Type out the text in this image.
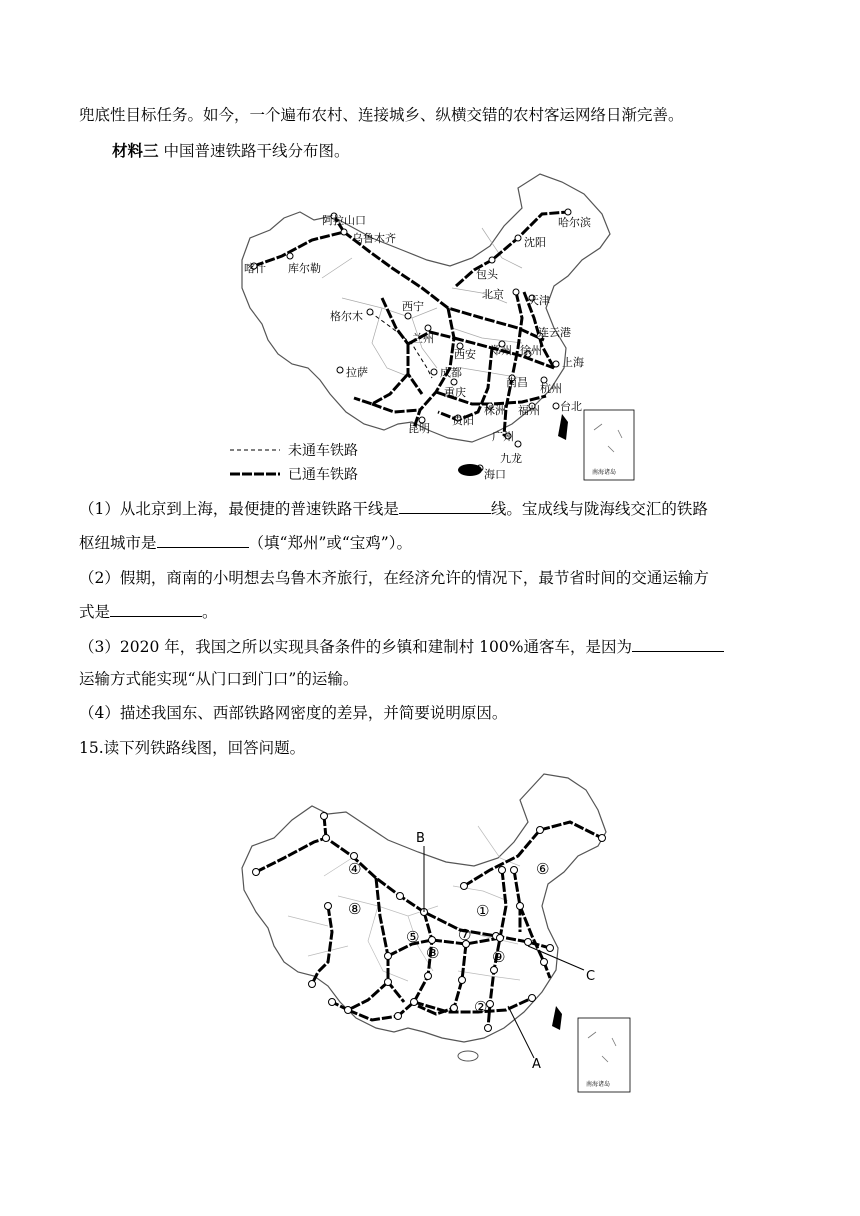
兜底性目标任务。如今，一个遍布农村、连接城乡、纵横交错的农村客运网络日渐完善。
材料三 中国普速铁路干线分布图。
阿拉山口
乌鲁木齐
哈尔滨
喀什 库尔勒	包头
沈阳
北京 天津
格尔木
西宁
兰州
郑州
连云港
西安	徐州
上海
拉萨	成都
南昌 杭州
重庆
株洲 福州 台北
昆明
贵阳
广州
九龙
海口	南海诸岛
未通车铁路
已通车铁路
（1）从北京到上海，最便捷的普速铁路干线是	线。宝成线与陇海线交汇的铁路
枢纽城市是	（填“郑州”或“宝鸡”）。
（2）假期，商南的小明想去乌鲁木齐旅行，在经济允许的情况下，最节省时间的交通运输方
式是	。
（3）2020 年，我国之所以实现具备条件的乡镇和建制村 100%通客车，是因为
运输方式能实现“从门口到门口”的运输。
（4）描述我国东、西部铁路网密度的差异，并简要说明原因。
15.读下列铁路线图，回答问题。
①
②
③
④
⑤
⑥
⑦
⑧
⑨
A
B
C
南海诸岛
